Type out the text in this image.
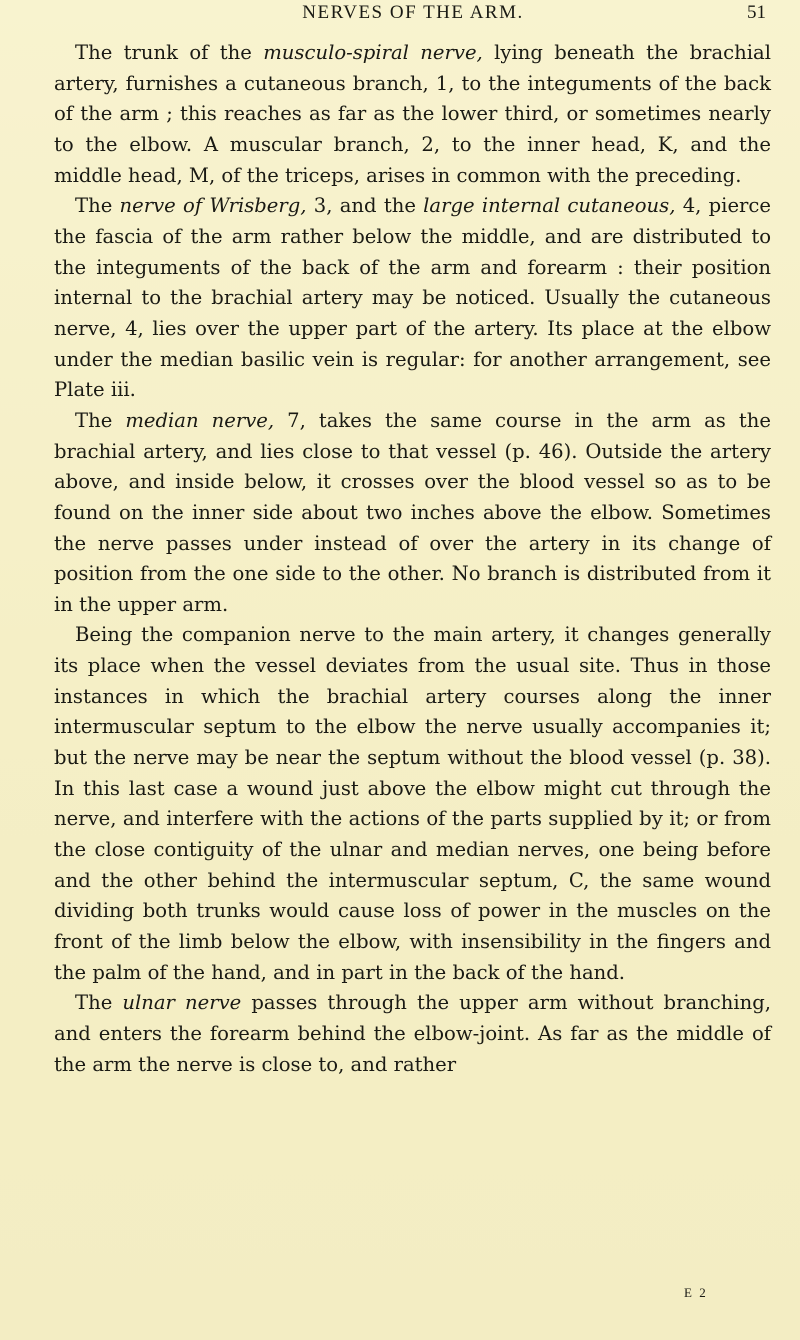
NERVES OF THE ARM.	51

The trunk of the musculo-spiral nerve, lying beneath the brachial artery, furnishes a cutaneous branch, 1, to the integuments of the back of the arm ; this reaches as far as the lower third, or sometimes nearly to the elbow. A muscular branch, 2, to the inner head, K, and the middle head, M, of the triceps, arises in common with the preceding.

The nerve of Wrisberg, 3, and the large internal cutaneous, 4, pierce the fascia of the arm rather below the middle, and are distributed to the integuments of the back of the arm and forearm : their position internal to the brachial artery may be noticed. Usually the cutaneous nerve, 4, lies over the upper part of the artery. Its place at the elbow under the median basilic vein is regular: for another arrangement, see Plate iii.

The median nerve, 7, takes the same course in the arm as the brachial artery, and lies close to that vessel (p. 46). Outside the artery above, and inside below, it crosses over the blood vessel so as to be found on the inner side about two inches above the elbow. Sometimes the nerve passes under instead of over the artery in its change of position from the one side to the other. No branch is distributed from it in the upper arm.

Being the companion nerve to the main artery, it changes generally its place when the vessel deviates from the usual site. Thus in those instances in which the brachial artery courses along the inner intermuscular septum to the elbow the nerve usually accompanies it; but the nerve may be near the septum without the blood vessel (p. 38). In this last case a wound just above the elbow might cut through the nerve, and interfere with the actions of the parts supplied by it; or from the close contiguity of the ulnar and median nerves, one being before and the other behind the intermuscular septum, C, the same wound dividing both trunks would cause loss of power in the muscles on the front of the limb below the elbow, with insensibility in the fingers and the palm of the hand, and in part in the back of the hand.

The ulnar nerve passes through the upper arm without branching, and enters the forearm behind the elbow-joint. As far as the middle of the arm the nerve is close to, and rather

E 2
